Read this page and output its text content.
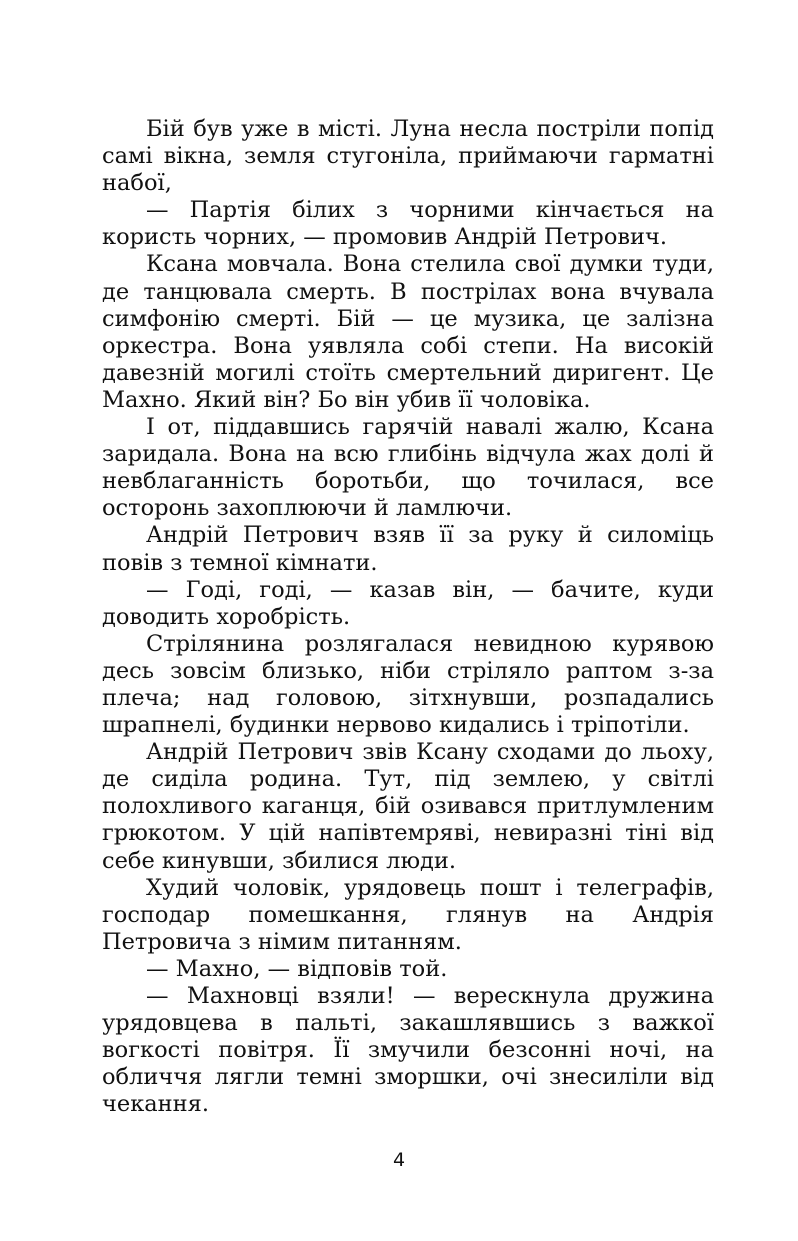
Бій був уже в місті. Луна несла постріли попід самі вікна, земля стугоніла, приймаючи гарматні набої,

— Партія білих з чорними кінчається на користь чорних, — промовив Андрій Петрович.

Ксана мовчала. Вона стелила свої думки туди, де танцювала смерть. В пострілах вона вчувала симфонію смерті. Бій — це музика, це залізна оркестра. Вона уявляла собі степи. На високій давезній могилі стоїть смертельний диригент. Це Махно. Який він? Бо він убив її чоловіка.

І от, піддавшись гарячій навалі жалю, Ксана заридала. Вона на всю глибінь відчула жах долі й невблаганність боротьби, що точилася, все осторонь захоплюючи й ламлючи.

Андрій Петрович взяв її за руку й силоміць повів з темної кімнати.

— Годі, годі, — казав він, — бачите, куди доводить хоробрість.

Стрілянина розлягалася невидною курявою десь зовсім близько, ніби стріляло раптом з-за плеча; над головою, зітхнувши, розпадались шрапнелі, будинки нервово кидались і тріпотіли.

Андрій Петрович звів Ксану сходами до льоху, де сиділа родина. Тут, під землею, у світлі полохливого каганця, бій озивався притлумленим грюкотом. У цій напівтемряві, невиразні тіні від себе кинувши, збилися люди.

Худий чоловік, урядовець пошт і телеграфів, господар помешкання, глянув на Андрія Петровича з німим питанням.

— Махно, — відповів той.

— Махновці взяли! — верескнула дружина урядовцева в пальті, закашлявшись з важкої вогкості повітря. Її змучили безсонні ночі, на обличчя лягли темні зморшки, очі знесиліли від чекання.

4
